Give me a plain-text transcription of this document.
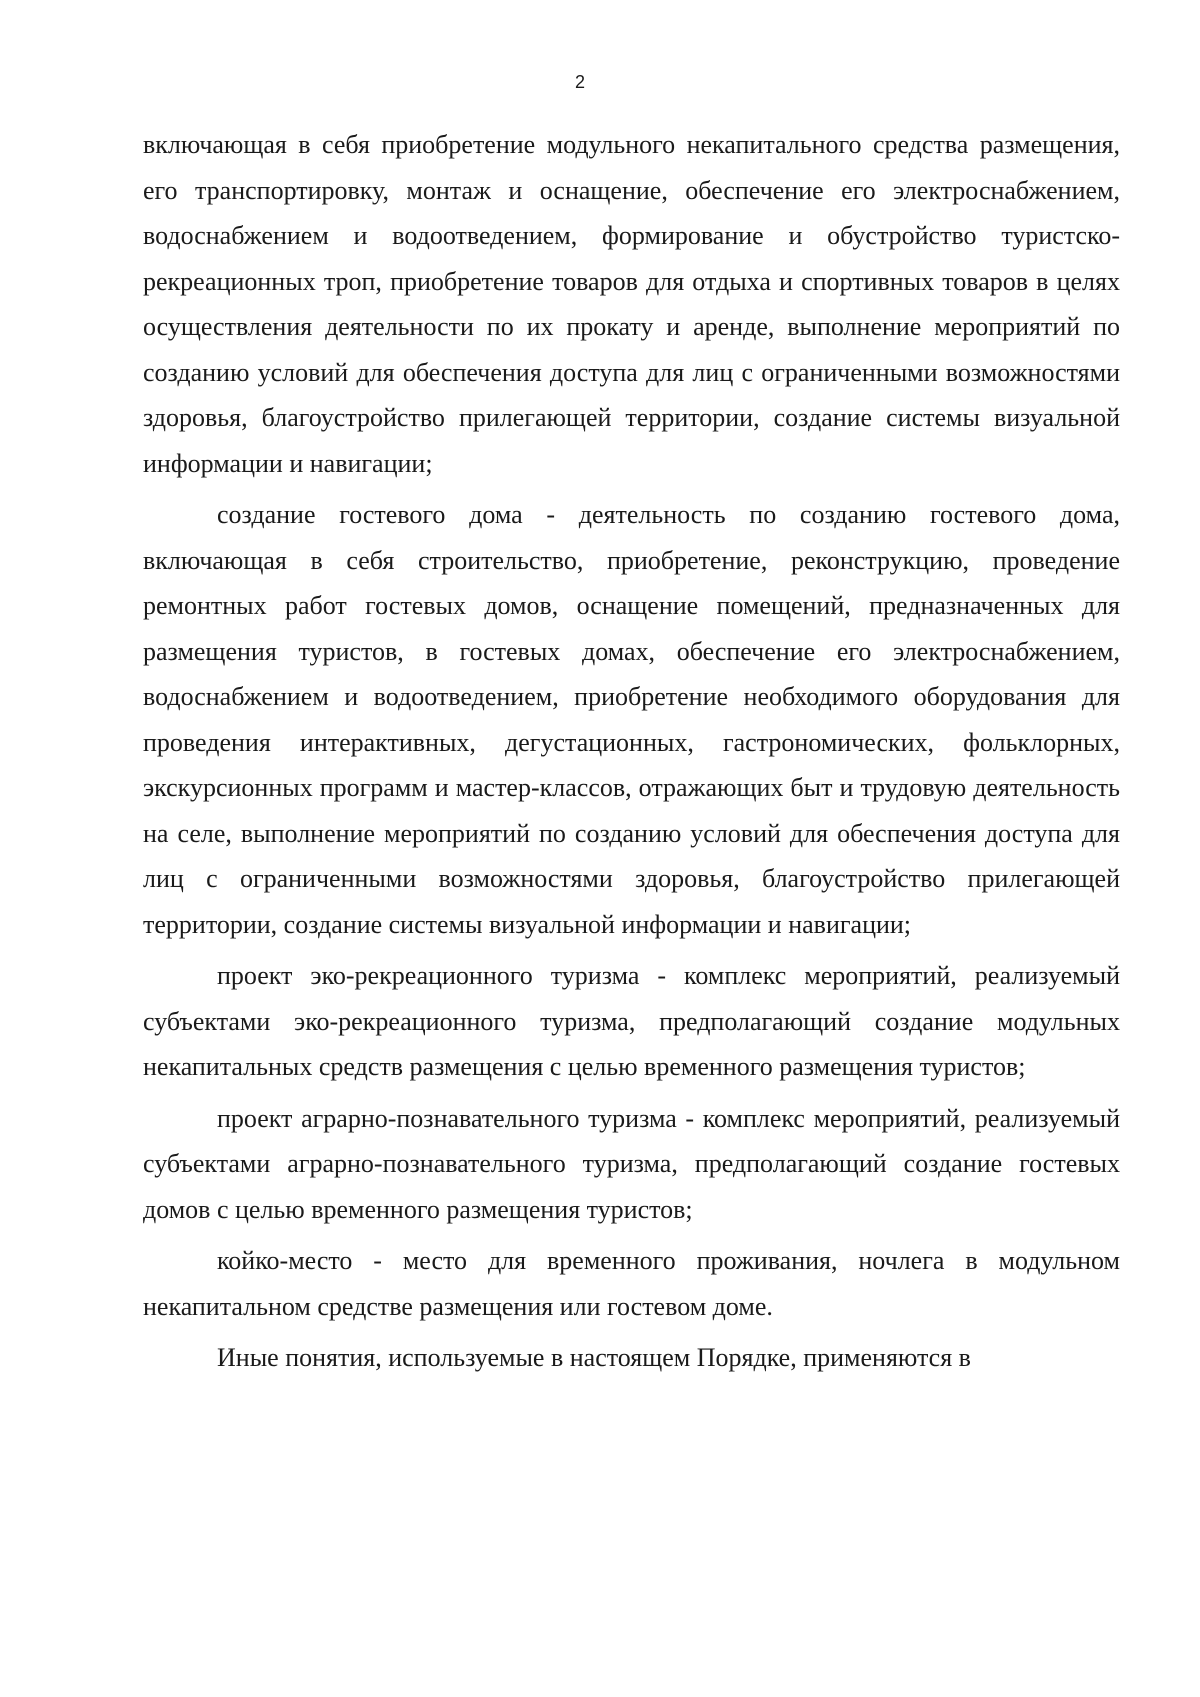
2

включающая в себя приобретение модульного некапитального средства размещения, его транспортировку, монтаж и оснащение, обеспечение его электроснабжением, водоснабжением и водоотведением, формирование и обустройство туристско-рекреационных троп, приобретение товаров для отдыха и спортивных товаров в целях осуществления деятельности по их прокату и аренде, выполнение мероприятий по созданию условий для обеспечения доступа для лиц с ограниченными возможностями здоровья, благоустройство прилегающей территории, создание системы визуальной информации и навигации;

создание гостевого дома - деятельность по созданию гостевого дома, включающая в себя строительство, приобретение, реконструкцию, проведение ремонтных работ гостевых домов, оснащение помещений, предназначенных для размещения туристов, в гостевых домах, обеспечение его электроснабжением, водоснабжением и водоотведением, приобретение необходимого оборудования для проведения интерактивных, дегустационных, гастрономических, фольклорных, экскурсионных программ и мастер-классов, отражающих быт и трудовую деятельность на селе, выполнение мероприятий по созданию условий для обеспечения доступа для лиц с ограниченными возможностями здоровья, благоустройство прилегающей территории, создание системы визуальной информации и навигации;

проект эко-рекреационного туризма - комплекс мероприятий, реализуемый субъектами эко-рекреационного туризма, предполагающий создание модульных некапитальных средств размещения с целью временного размещения туристов;

проект аграрно-познавательного туризма - комплекс мероприятий, реализуемый субъектами аграрно-познавательного туризма, предполагающий создание гостевых домов с целью временного размещения туристов;

койко-место - место для временного проживания, ночлега в модульном некапитальном средстве размещения или гостевом доме.

Иные понятия, используемые в настоящем Порядке, применяются в
